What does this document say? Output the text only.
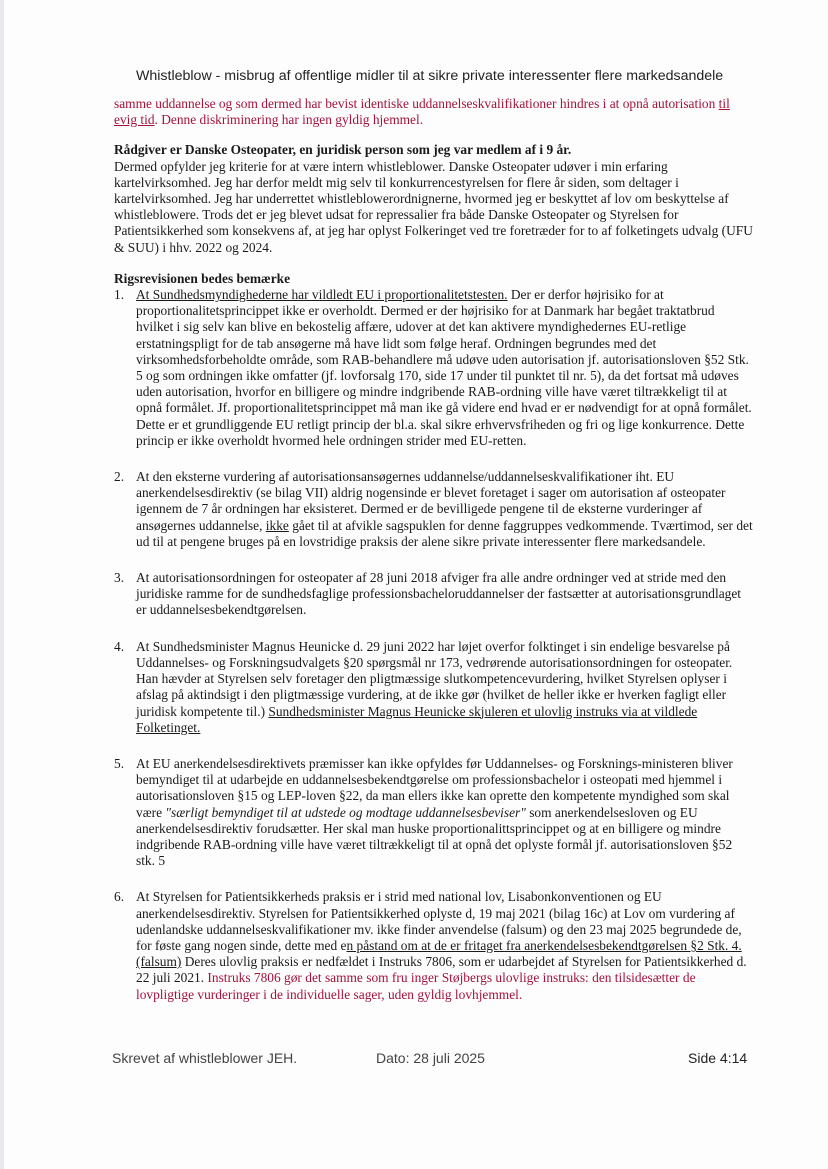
Whistleblow - misbrug af offentlige midler til at sikre private interessenter flere markedsandele

samme uddannelse og som dermed har bevist identiske uddannelseskvalifikationer hindres i at opnå autorisation til evig tid. Denne diskriminering har ingen gyldig hjemmel.

Rådgiver er Danske Osteopater, en juridisk person som jeg var medlem af i 9 år.

Dermed opfylder jeg kriterie for at være intern whistleblower. Danske Osteopater udøver i min erfaring kartelvirksomhed. Jeg har derfor meldt mig selv til konkurrencestyrelsen for flere år siden, som deltager i kartelvirksomhed. Jeg har underrettet whistleblowerordnignerne, hvormed jeg er beskyttet af lov om beskyttelse af whistleblowere. Trods det er jeg blevet udsat for repressalier fra både Danske Osteopater og Styrelsen for Patientsikkerhed som konsekvens af, at jeg har oplyst Folkeringet ved tre foretræder for to af folketingets udvalg (UFU & SUU) i hhv. 2022 og 2024.

Rigsrevisionen bedes bemærke

1. At Sundhedsmyndighederne har vildledt EU i proportionalitetstesten. Der er derfor højrisiko for at proportionalitetsprincippet ikke er overholdt. Dermed er der højrisiko for at Danmark har begået traktatbrud hvilket i sig selv kan blive en bekostelig affære, udover at det kan aktivere myndighedernes EU-retlige erstatningspligt for de tab ansøgerne må have lidt som følge heraf. Ordningen begrundes med det virksomhedsforbeholdte område, som RAB-behandlere må udøve uden autorisation jf. autorisationsloven §52 Stk. 5 og som ordningen ikke omfatter (jf. lovforsalg 170, side 17 under til punktet til nr. 5), da det fortsat må udøves uden autorisation, hvorfor en billigere og mindre indgribende RAB-ordning ville have været tiltrækkeligt til at opnå formålet. Jf. proportionalitetsprincippet må man ike gå videre end hvad er er nødvendigt for at opnå formålet. Dette er et grundliggende EU retligt princip der bl.a. skal sikre erhvervsfriheden og fri og lige konkurrence. Dette princip er ikke overholdt hvormed hele ordningen strider med EU-retten.
2. At den eksterne vurdering af autorisationsansøgernes uddannelse/uddannelseskvalifikationer iht. EU anerkendelsesdirektiv (se bilag VII) aldrig nogensinde er blevet foretaget i sager om autorisation af osteopater igennem de 7 år ordningen har eksisteret. Dermed er de bevilligede pengene til de eksterne vurderinger af ansøgernes uddannelse, ikke gået til at afvikle sagspuklen for denne faggruppes vedkommende. Tværtimod, ser det ud til at pengene bruges på en lovstridige praksis der alene sikre private interessenter flere markedsandele.
3. At autorisationsordningen for osteopater af 28 juni 2018 afviger fra alle andre ordninger ved at stride med den juridiske ramme for de sundhedsfaglige professionsbacheloruddannelser der fastsætter at autorisationsgrundlaget er uddannelsesbekendtgørelsen.
4. At Sundhedsminister Magnus Heunicke d. 29 juni 2022 har løjet overfor folktinget i sin endelige besvarelse på Uddannelses- og Forskningsudvalgets §20 spørgsmål nr 173, vedrørende autorisationsordningen for osteopater. Han hævder at Styrelsen selv foretager den pligtmæssige slutkompetencevurdering, hvilket Styrelsen oplyser i afslag på aktindsigt i den pligtmæssige vurdering, at de ikke gør (hvilket de heller ikke er hverken fagligt eller juridisk kompetente til.) Sundhedsminister Magnus Heunicke skjuleren et ulovlig instruks via at vildlede Folketinget.
5. At EU anerkendelsesdirektivets præmisser kan ikke opfyldes før Uddannelses- og Forsknings-ministeren bliver bemyndiget til at udarbejde en uddannelsesbekendtgørelse om professionsbachelor i osteopati med hjemmel i autorisationsloven §15 og LEP-loven §22, da man ellers ikke kan oprette den kompetente myndighed som skal være "særligt bemyndiget til at udstede og modtage uddannelsesbeviser" som anerkendelsesloven og EU anerkendelsesdirektiv forudsætter. Her skal man huske proportionalittsprincippet og at en billigere og mindre indgribende RAB-ordning ville have været tiltrækkeligt til at opnå det oplyste formål jf. autorisationsloven §52 stk. 5
6. At Styrelsen for Patientsikkerheds praksis er i strid med national lov, Lisabonkonventionen og EU anerkendelsesdirektiv. Styrelsen for Patientsikkerhed oplyste d, 19 maj 2021 (bilag 16c) at Lov om vurdering af udenlandske uddannelseskvalifikationer mv. ikke finder anvendelse (falsum) og den 23 maj 2025 begrundede de, for føste gang nogen sinde, dette med en påstand om at de er fritaget fra anerkendelsesbekendtgørelsen §2 Stk. 4. (falsum) Deres ulovlig praksis er nedfældet i Instruks 7806, som er udarbejdet af Styrelsen for Patientsikkerhed d. 22 juli 2021. Instruks 7806 gør det samme som fru inger Støjbergs ulovlige instruks: den tilsidesætter de lovpligtige vurderinger i de individuelle sager, uden gyldig lovhjemmel.
Skrevet af whistleblower JEH.	Dato: 28 juli 2025	Side 4:14
